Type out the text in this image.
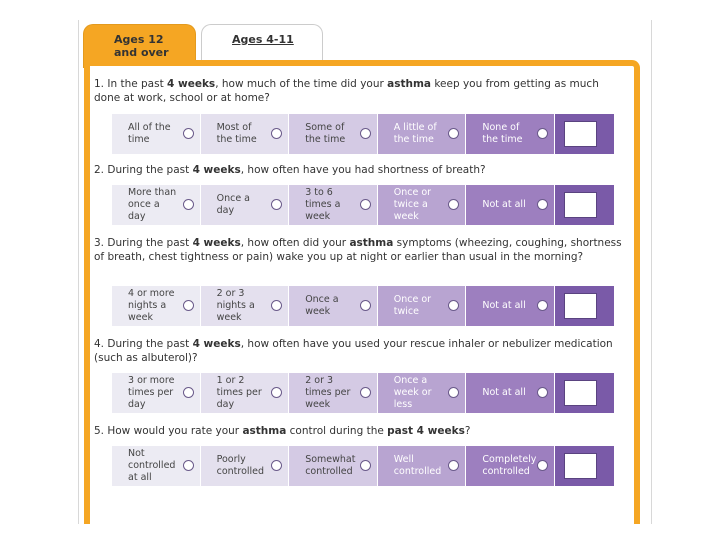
Ages 12
and over
Ages 4-11
1. In the past 4 weeks, how much of the time did your asthma keep you from getting as much done at work, school or at home?
All of the time
Most of the time
Some of the time
A little of the time
None of the time
2. During the past 4 weeks, how often have you had shortness of breath?
More than once a day
Once a day
3 to 6 times a week
Once or twice a week
Not at all
3. During the past 4 weeks, how often did your asthma symptoms (wheezing, coughing, shortness of breath, chest tightness or pain) wake you up at night or earlier than usual in the morning?
4 or more nights a week
2 or 3 nights a week
Once a week
Once or twice
Not at all
4. During the past 4 weeks, how often have you used your rescue inhaler or nebulizer medication (such as albuterol)?
3 or more times per day
1 or 2 times per day
2 or 3 times per week
Once a week or less
Not at all
5. How would you rate your asthma control during the past 4 weeks?
Not controlled at all
Poorly controlled
Somewhat controlled
Well controlled
Completely controlled
